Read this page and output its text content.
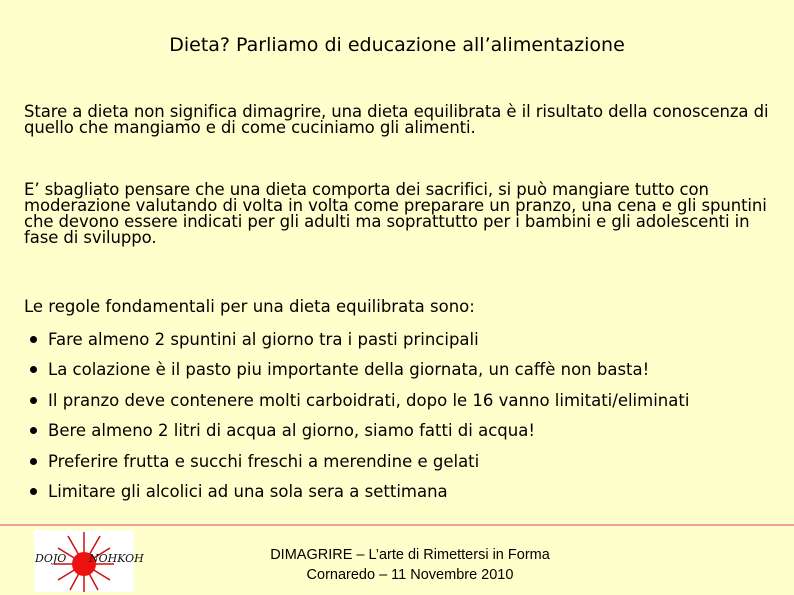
Dieta? Parliamo di educazione all’alimentazione
Stare a dieta non significa dimagrire, una dieta equilibrata è il risultato della conoscenza di quello che mangiamo e di come cuciniamo gli alimenti.
E’ sbagliato pensare che una dieta comporta dei sacrifici, si può mangiare tutto con moderazione valutando di volta in volta come preparare un pranzo, una cena e gli spuntini che devono essere indicati per gli adulti ma soprattutto per i bambini e gli adolescenti in fase di sviluppo.
Le regole fondamentali per una dieta equilibrata sono:
Fare almeno 2 spuntini al giorno tra i pasti principali
La colazione è il pasto piu importante della giornata, un caffè non basta!
Il pranzo deve contenere molti carboidrati, dopo le 16 vanno limitati/eliminati
Bere almeno 2 litri di acqua al giorno, siamo fatti di acqua!
Preferire frutta e succhi freschi a merendine e gelati
Limitare gli alcolici ad una sola sera a settimana
DOJO NOHKOH	DIMAGRIRE – L’arte di Rimettersi in Forma
Cornaredo – 11 Novembre 2010
